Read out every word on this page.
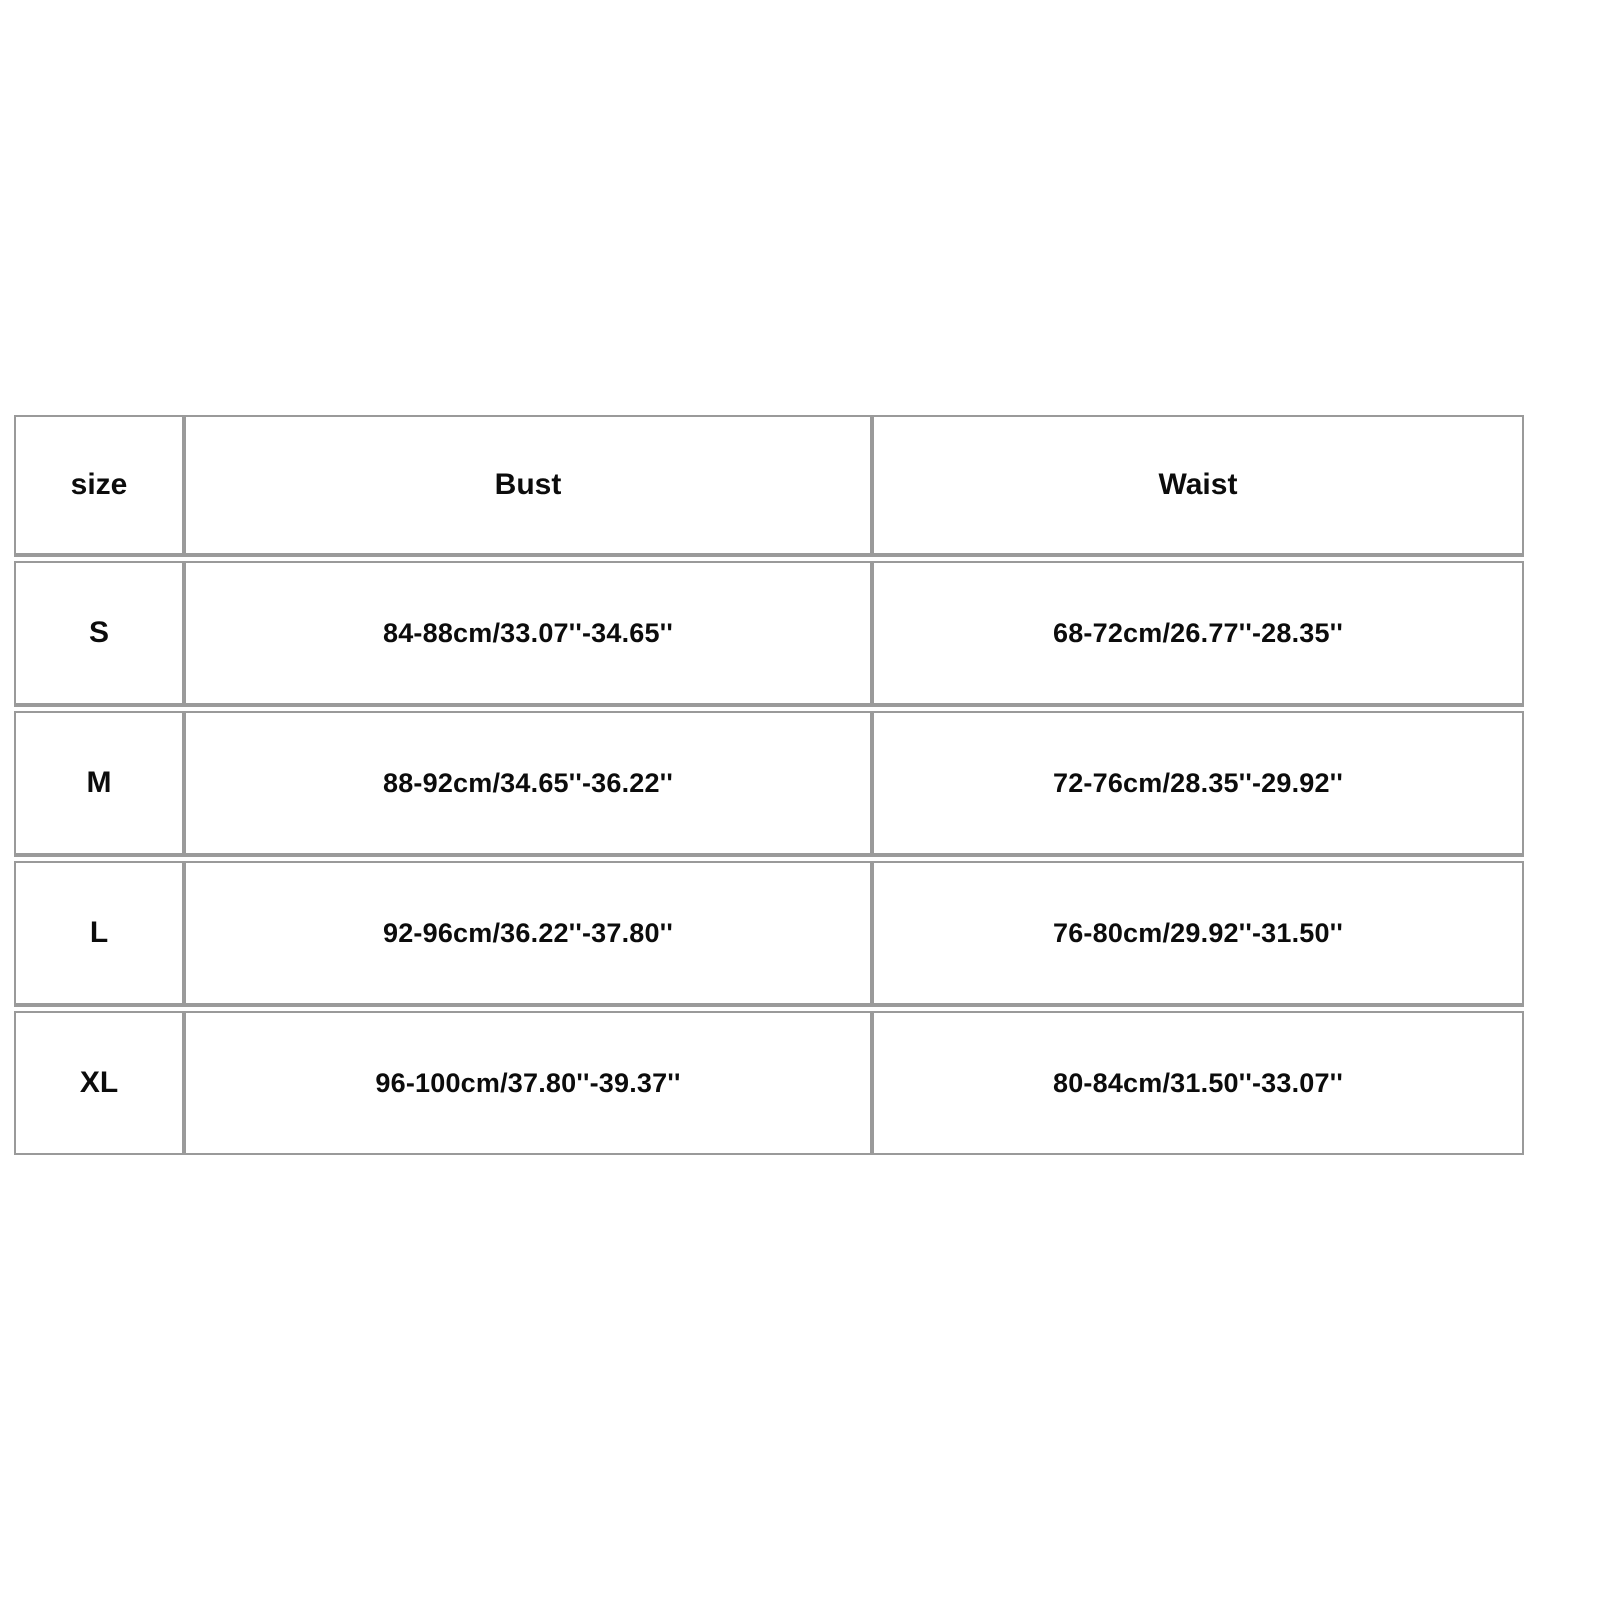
size	Bust	Waist

S	84-88cm/33.07''-34.65''	68-72cm/26.77''-28.35''

M	88-92cm/34.65''-36.22''	72-76cm/28.35''-29.92''

L	92-96cm/36.22''-37.80''	76-80cm/29.92''-31.50''

XL	96-100cm/37.80''-39.37''	80-84cm/31.50''-33.07''
